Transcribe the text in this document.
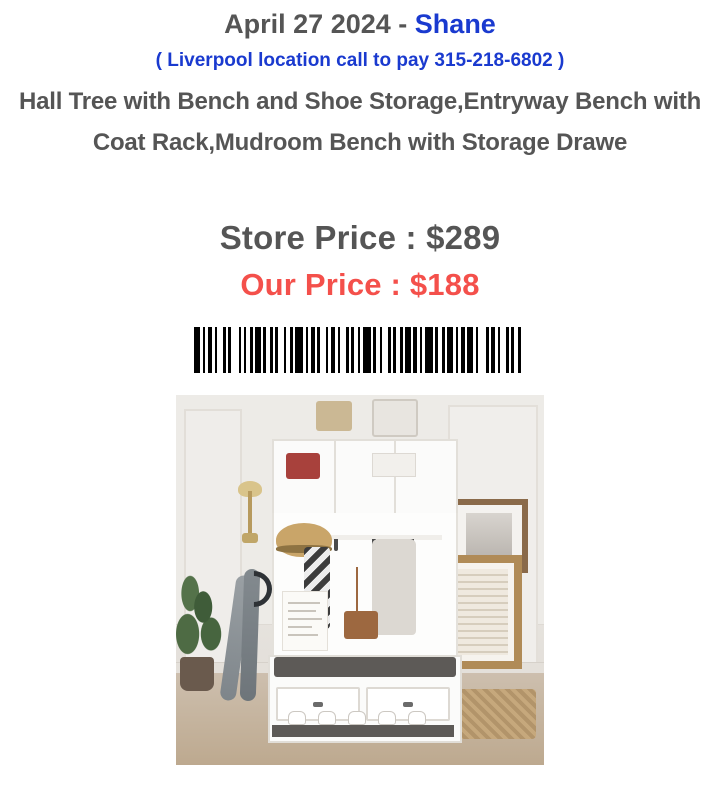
April 27 2024 - Shane
( Liverpool location call to pay 315-218-6802 )
Hall Tree with Bench and Shoe Storage,Entryway Bench with Coat Rack,Mudroom Bench with Storage Drawe
Store Price : $289
Our Price : $188
